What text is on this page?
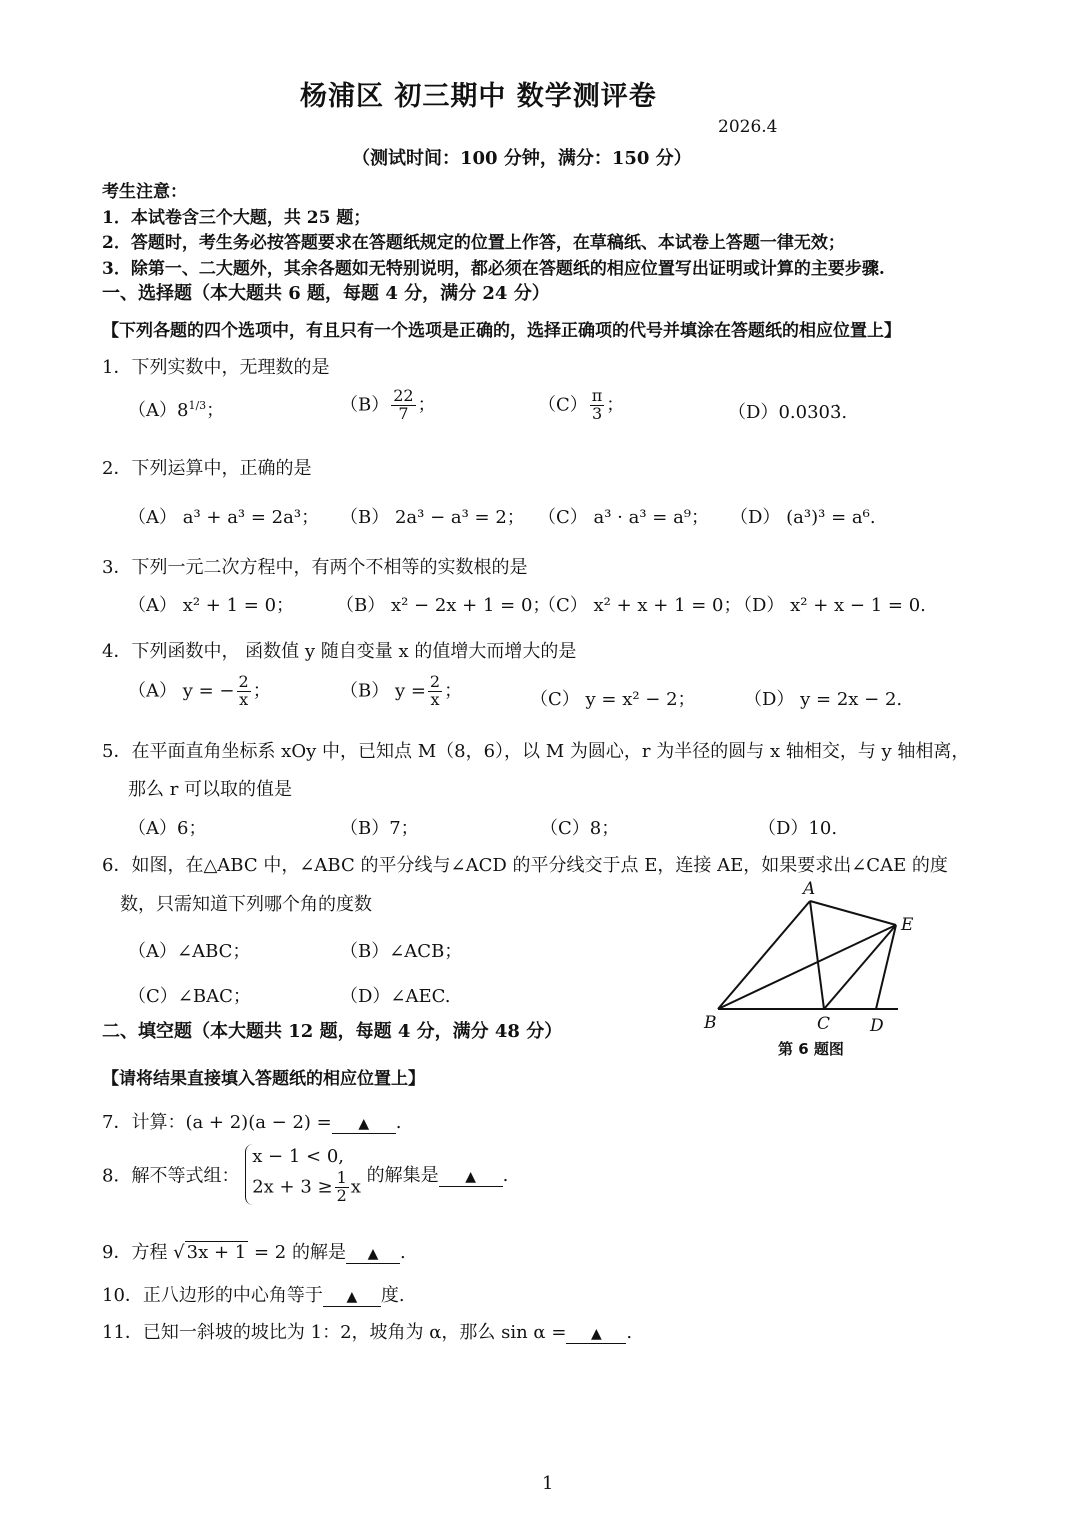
杨浦区 初三期中 数学测评卷
2026.4
（测试时间：100 分钟，满分：150 分）
考生注意：
1．本试卷含三个大题，共 25 题；
2．答题时，考生务必按答题要求在答题纸规定的位置上作答，在草稿纸、本试卷上答题一律无效；
3．除第一、二大题外，其余各题如无特别说明，都必须在答题纸的相应位置写出证明或计算的主要步骤.
一、选择题（本大题共 6 题，每题 4 分，满分 24 分）
【下列各题的四个选项中，有且只有一个选项是正确的，选择正确项的代号并填涂在答题纸的相应位置上】
1．下列实数中，无理数的是
$(A)8^{1/3}$；	$(B) \frac{22}{7}$ ；	$(C) \frac{\pi}{3}$ ；	（D）0.0303̇.
2．下列运算中，正确的是
（A） a³ + a³ = 2a³； （B） 2a³ − a³ = 2； （C） a³ · a³ = a⁹； （D） (a³)³ = a⁶.
3．下列一元二次方程中，有两个不相等的实数根的是
（A） x² + 1 = 0； （B） x² − 2x + 1 = 0；
（C） x² + x + 1 = 0；
（D） x² + x − 1 = 0.
4．下列函数中， 函数值 y 随自变量 x 的值增大而增大的是
（A） y = − $\frac{2}{x}$ ；	（B） $y = \frac{2}{x}$ ；	（C） y = x² − 2；	（D） y = 2x − 2.
5．在平面直角坐标系 xOy 中，已知点 M（8，6），以 M 为圆心，r 为半径的圆与 x 轴相交，与 y 轴相离，
那么 r 可以取的值是
（A）6；	（B）7；	（C）8；	（D）10.
6．如图，在△ABC 中，∠ABC 的平分线与∠ACD 的平分线交于点 E，连接 AE，如果要求出∠CAE 的度
数，只需知道下列哪个角的度数
（A）∠ABC；	（B）∠ACB；
（C）∠BAC；	（D）∠AEC.
A
B	C D
E
第 6 题图
二、填空题（本大题共 12 题，每题 4 分，满分 48 分）
【请将结果直接填入答题纸的相应位置上】
7．计算：(a + 2)(a − 2) = ▲ .
8．解不等式组：
x − 1 < 0,
$2x + 3 \ge \frac{1}{2}$ x
的解集是 ▲ .
9．方程 √ 3x + 1 = 2 的解是 ▲ .
10．正八边形的中心角等于 ▲ 度.
11．已知一斜坡的坡比为 1：2，坡角为 α，那么 sin α = ▲ .
1
